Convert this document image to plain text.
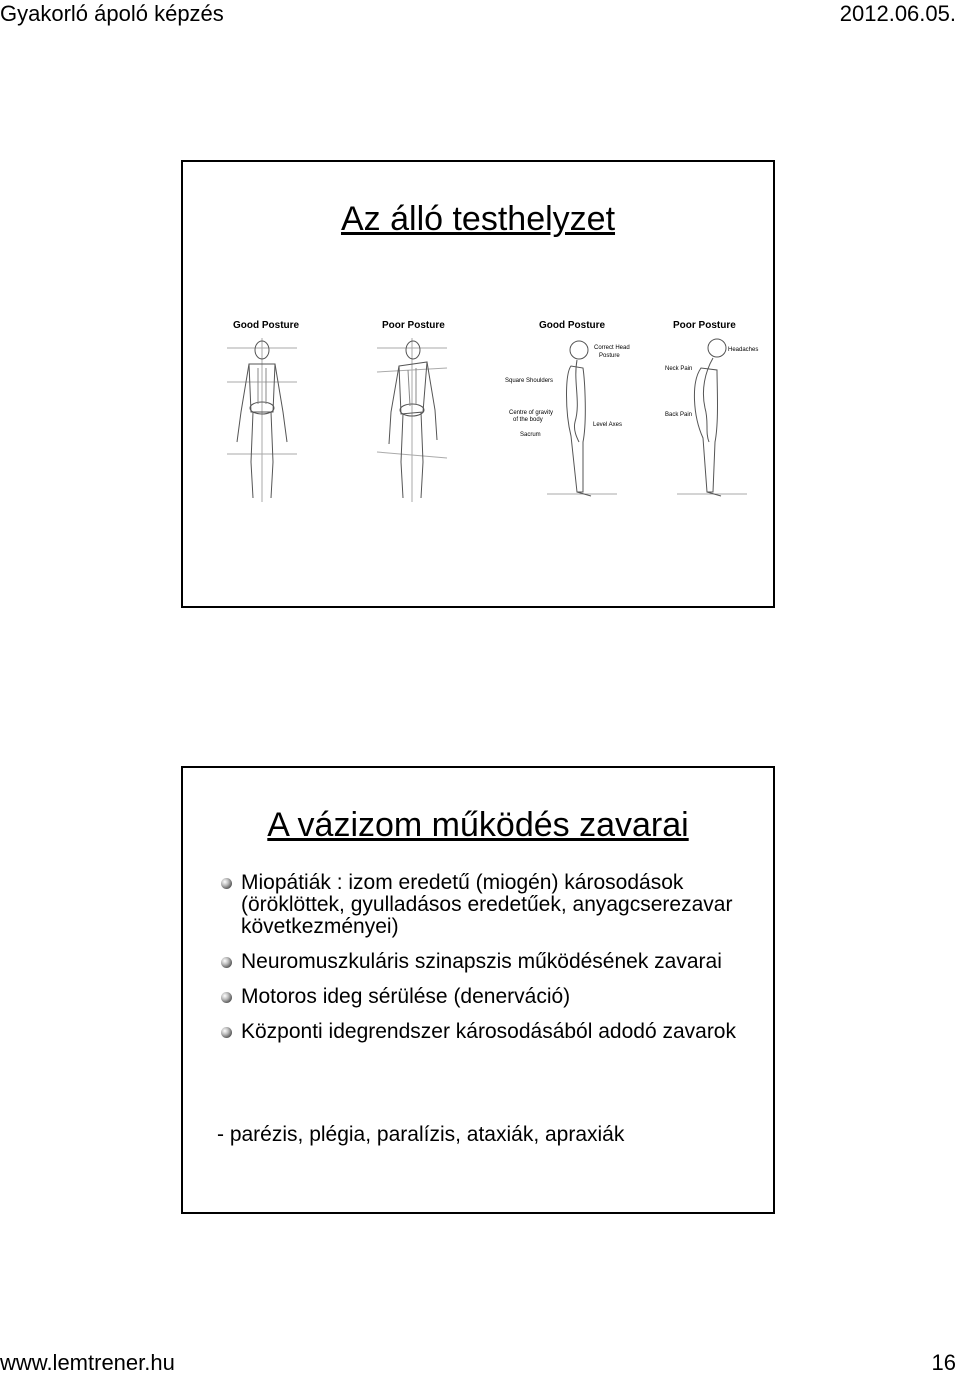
Gyakorló ápoló képzés	2012.06.05.
Az álló testhelyzet
Good Posture	Poor Posture	Good Posture	Poor Posture
Correct Head
Posture
Headaches
Neck Pain
Square Shoulders
Centre of gravity
of the body
Sacrum
Level Axes
Back Pain
A vázizom működés zavarai
Miopátiák : izom eredetű (miogén) károsodások (öröklöttek, gyulladásos eredetűek, anyagcserezavar következményei)
Neuromuszkuláris szinapszis működésének zavarai
Motoros ideg sérülése (denerváció)
Központi idegrendszer károsodásából adodó zavarok
- parézis, plégia, paralízis, ataxiák, apraxiák
www.lemtrener.hu	16
